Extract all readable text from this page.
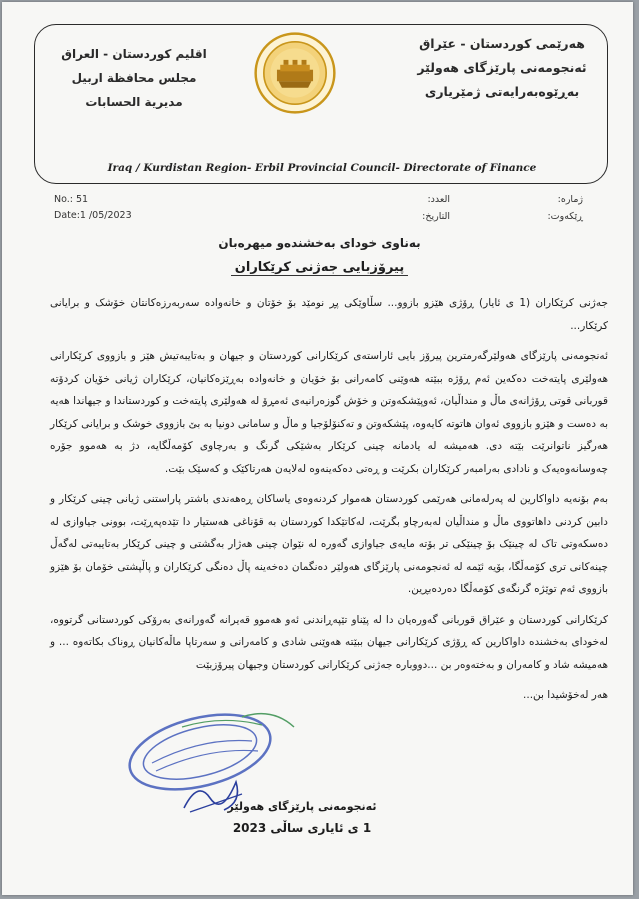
هەرێمی کوردستان - عێراق
ئەنجومەنی پارێزگای هەولێر
بەڕێوەبەرایەتی ژمێریاری
اقليم كوردستان - العراق
مجلس محافظة اربيل
مديرية الحسابات
Iraq / Kurdistan Region- Erbil Provincial Council- Directorate of Finance
No.: 51
Date:1 /05/2023
ژمارە:
العدد:
ڕێکەوت:
التاريخ:
بەناوی خودای بەخشندەو میهرەبان
پیرۆزبایی جەژنی کرێکاران

جەژنی کرێکاران (1 ی ئایار) ڕۆژی هێزو بازوو... سڵاوێکی پڕ نومێد بۆ خۆتان و خانەوادە سەربەرزەکانتان خۆشک و برایانی کرێکار...

ئەنجومەنی پارێزگای هەولێرگەرمترین پیرۆز بایی ئاراستەی کرێکارانی کوردستان و جیهان و بەتایبەتیش هێز و بازووی کرێکارانی هەولێری پایتەخت دەکەین ئەم ڕۆژە ببێتە هەوێنی کامەرانی بۆ خۆیان و خانەوادە بەڕێزەکانیان، کرێکاران ژیانی خۆیان کردۆتە قوربانی قوتی ڕۆژانەی ماڵ و منداڵیان، ئەوپێشکەوتن و خۆش گوزەرانیەی ئەمڕۆ لە هەولێری پایتەخت و کوردستاندا و جیهاندا هەیە بە دەست و هێزو بازووی ئەوان هاتوتە کایەوە، پێشکەوتن و تەکنۆلۆجیا و ماڵ و سامانی دونیا بە بێ بازووی خوشک و برایانی کرێکار هەرگیز ناتوانرێت بێتە دی. هەمیشە لە یادمانە چینی کرێکار بەشێکی گرنگ و بەرچاوی کۆمەڵگایە، دژ بە هەموو جۆرە چەوسانەوەیەک و نادادی بەرامبەر کرێکاران بکرێت و ڕەتی دەکەینەوە لەلایەن هەرتاکێک و کەسێک بێت.

بەم بۆنەیە داواکارین لە پەرلەمانی هەرێمی کوردستان هەموار کردنەوەی یاساکان ڕەهەندی باشتر پاراستنی ژیانی چینی کرێکار و دابین کردنی داهاتووی ماڵ و منداڵیان لەبەرچاو بگرێت، لەکاتێکدا کوردستان بە قۆناغی هەستیار دا تێدەپەڕێت، بوونی جیاوازی لە دەسکەوتی تاک لە چینێک بۆ چینێکی تر بۆتە مایەی جیاوازی گەورە لە نێوان چینی هەژار بەگشتی و چینی کرێکار بەتایبەتی لەگەڵ چینەکانی تری کۆمەڵگا، بۆیە ئێمە لە ئەنجومەنی پارێزگای هەولێر دەنگمان دەخەینە پاڵ دەنگی کرێکاران و پاڵپشتی خۆمان بۆ هێزو بازووی ئەم توێژە گرنگەی کۆمەڵگا دەردەبڕین.

کرێکارانی کوردستان و عێراق قوربانی گەورەیان دا لە پێناو تێپەڕاندنی ئەو هەموو قەیرانە گەورانەی بەرۆکی کوردستانی گرتووە، لەخودای بەخشندە داواکارین کە ڕۆژی کرێکارانی جیهان ببێتە هەوێنی شادی و کامەرانی و سەرتاپا ماڵەکانیان ڕوناک بکاتەوە ... و هەمیشە شاد و کامەران و بەختەوەر بن ...دووبارە جەژنی کرێکارانی کوردستان وجیهان پیرۆزبێت

هەر لەخۆشیدا بن...

ئەنجومەنی پارێزگای هەولێر
1 ی ئایاری ساڵی 2023
